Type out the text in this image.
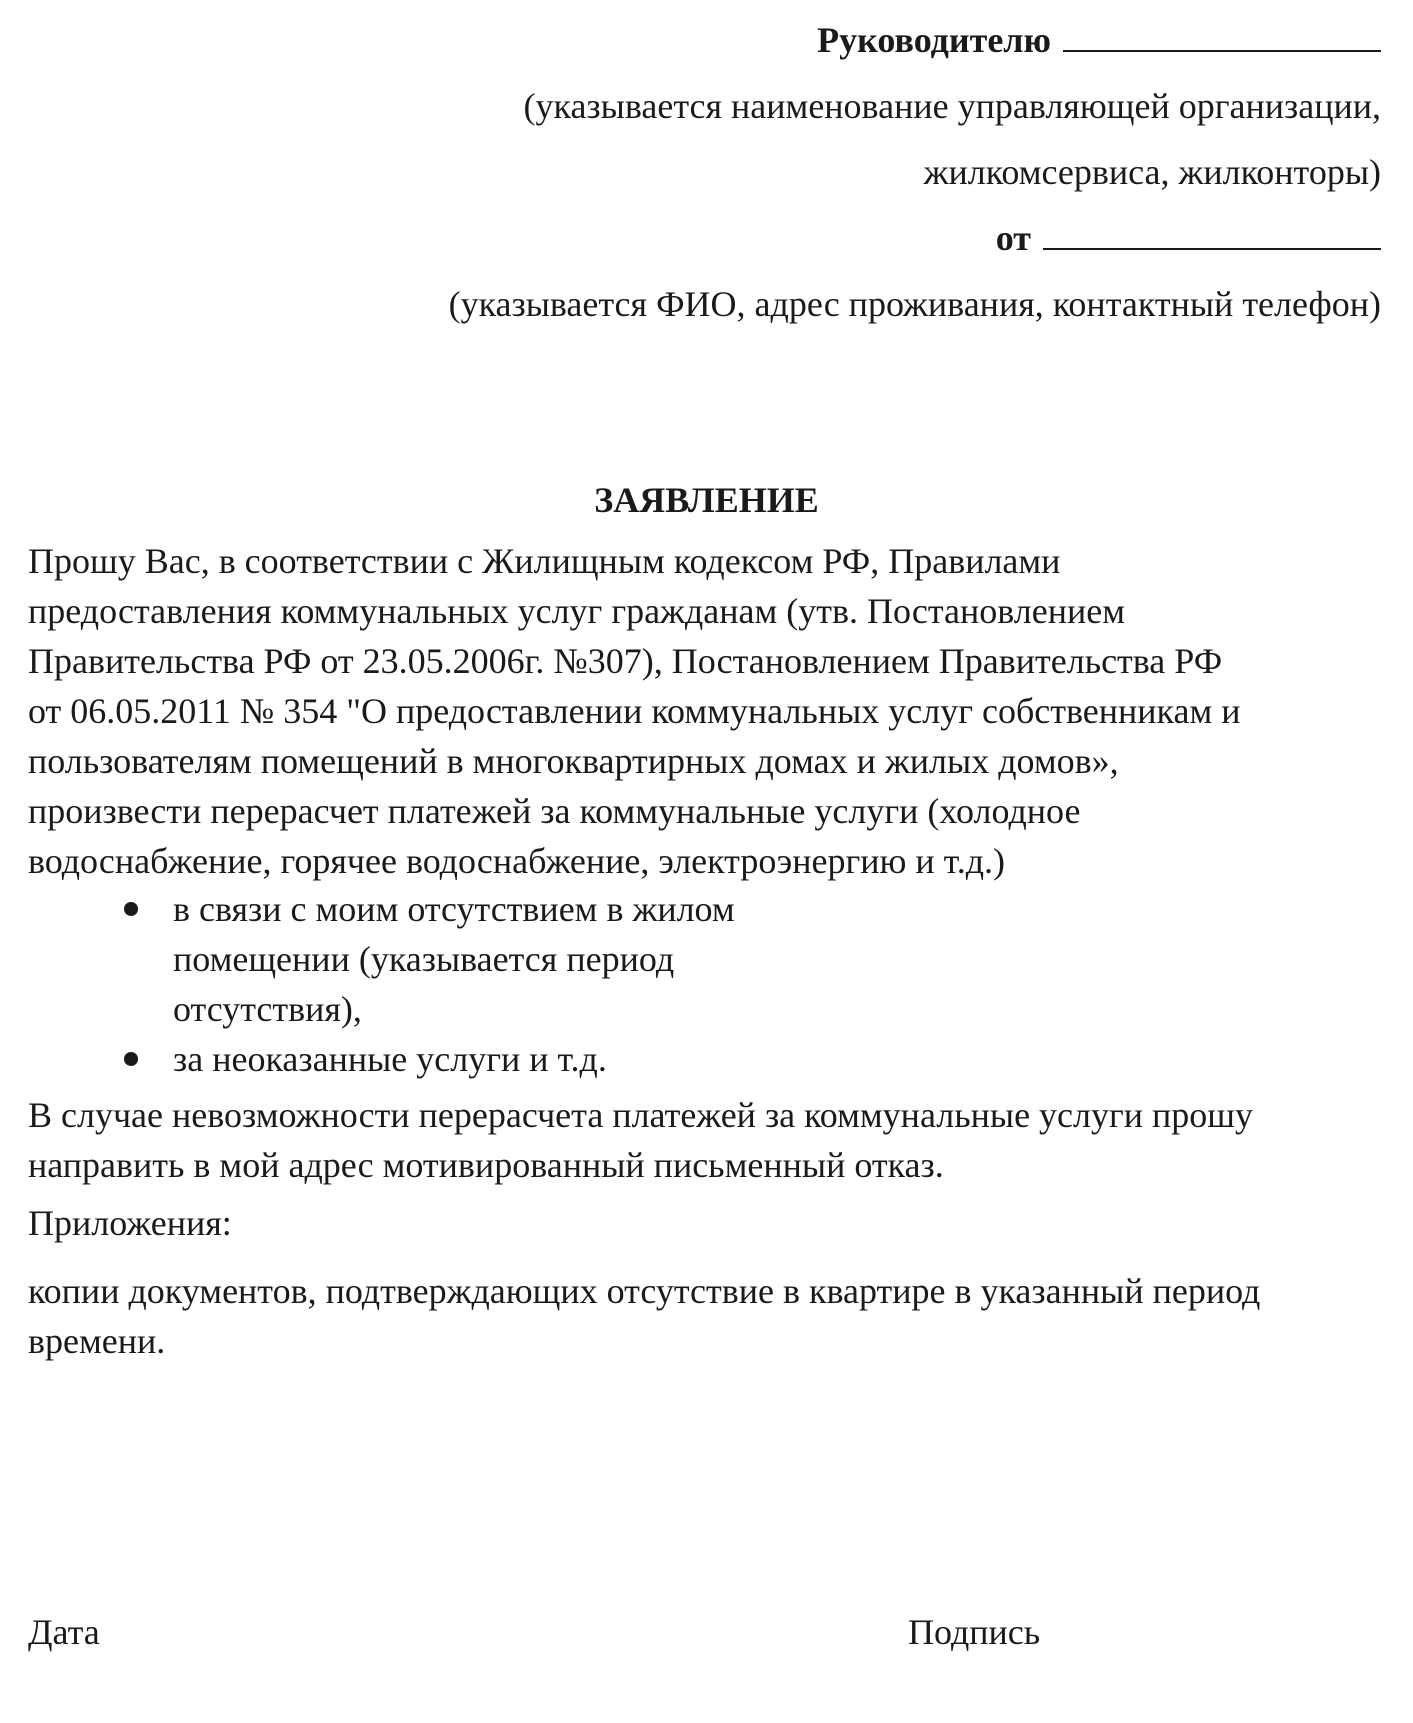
Руководителю
(указывается наименование управляющей организации,
жилкомсервиса, жилконторы)
от
(указывается ФИО, адрес проживания, контактный телефон)
ЗАЯВЛЕНИЕ
Прошу Вас, в соответствии с Жилищным кодексом РФ, Правилами
предоставления коммунальных услуг гражданам (утв. Постановлением
Правительства РФ от 23.05.2006г. №307), Постановлением Правительства РФ
от 06.05.2011 № 354 "О предоставлении коммунальных услуг собственникам и
пользователям помещений в многоквартирных домах и жилых домов»,
произвести перерасчет платежей за коммунальные услуги (холодное
водоснабжение, горячее водоснабжение, электроэнергию и т.д.)
в связи с моим отсутствием в жилом
помещении (указывается период
отсутствия),
за неоказанные услуги и т.д.
В случае невозможности перерасчета платежей за коммунальные услуги прошу
направить в мой адрес мотивированный письменный отказ.
Приложения:
копии документов, подтверждающих отсутствие в квартире в указанный период
времени.
Дата	Подпись
